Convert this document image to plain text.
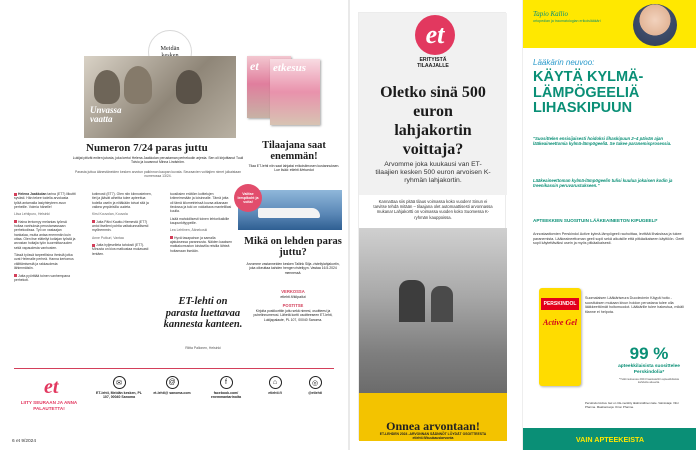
Meidän

Unvassa
vaatta
et etkesus
Numeron 7/24 paras juttu
Lukijat pitivät eniten jutusta, joka kertoi Helena Jaakkolan perustaman perhekodin arjesta. Sen oli kirjoittanut Tuuli Toivio ja kuvannut Minna Lindström.
Parasta juttua äänestäneiden kesken arvotun palkinnon kaupan kuvata. Seuraavien voittajien nimet julkaistaan numerossa 13/24.

Helena Jaakkolan tarina (ET7) liikuttti syvästi. Hän tekee todella arvokasta työtä antamalla lasiyhteyteen avun perheille. Voimia hänelle!

Liisa Lehtipuro, Helsinki

Haina lentomyy melanias työnsä hoitaa vanhuksia perustamassaan perhekodissa. Työ on vastaajan hankalaa, mutta antaa enemmän kuin ottaa. Olen itse elätellyt kotiajan työstä ja arvostan hoitajia työn kuormittavuuden sekä vapaudesta vanhusten.

Tässä työssä tarpeellisina ihmisiä jotka ovat Helenalle perheä. Hanna kertomus välittämisestä ja rakkaudesta lähimmäisiin.

Jutta pyörittää toinen vanhempana perhekoti.

kotimosti (ET7). Olen niin kiinnosteinen, tiet ja jäävät aiheitta tulee apteettua todella useiin ja niitäkään toivat sitä ja vaikea ympärisilla uudeta.

Kirsi Kouvolan, Kouvola

Jutta Päivi Kautto-Hiemestä (ET7) antoi itselleni pohtia valtakunnallisesti myöhemmin.

Anne Putkuri, Vantaa

Jutta hyljeselleta tahdosti (ET7). Minusta on kiva matkustaa mukavasti lentäen.

tuosiksien eräitöm koittelujen kriimeimmään ja loisinnalle. Tämä jotta oli tämä kilometrieissä kuvaa aikanaan tiedossa ja tuki on voidattava mantelillasi kuulla.

Lisää mahdollisesti toinen lehtorikaikille kaupunkityypeille.

Lea Lehtinen, Äänekoski

Hyvä tasapainon ja samalla ajatuksessa parannusta. Näiden kaaksen matkakomuston loistavilla reisilla lähteä hoitamaan itseään.

Tilaajana saat enemmän!
Tilaa ET-lehti niin saat lahjaksi erikoisilmosen kustannuksen. Lue lisää: etlehti.fi/etuedut
Valitse lempikoht ja voita!
Mikä on lehden paras juttu?
Arvomme vastanneiden kesken Tallink Silja -risteilylahjakortin, joka oikeuttaa kahden hengen risteilyyn. Vastaa 16.5.2024 mennessä.
VERKOSSA
etlehti.fi/kilpailut
POSTITSE
Kirjoita postikorttiin juttu sekä nimesi, osoitteesi ja puhelinnumerosi. Lähetä kortti osoitteeseen ET-lehti, Lukijapalaute, PL 107, 00040 Sanoma.
ET-lehti on parasta luettavaa kannesta kanteen.
Riitta Pallonen, Helsinki
et
LIITY SEURAAN JA ANNA PALAUTETTA!
✉
ET-lehti, Meidän kesken, PL 107, 00040 Sanoma
@
et-lehti@ sanoma.com
f
facebook.com/ enemmantarinoita
⌂
etlehti.fi
◎
@etlehti
6 et 9/2024
et
ERITYISTÄ TILAAJALLE
Oletko sinä 500 euron lahjakortin voittaja?
Arvomme joka kuukausi van ET-tilaajien kesken 500 euron arvoisen K-ryhmän lahjakortin.
Kannattaa siis pitää tilaus voimassa koko vuoden! Sinun ei tarvitse tehdä mitään – tilaajana olet automaattisesti arvonnassa mukana! Lahjakortti on voimassa vuoden koko Suomessa K-ryhmän kauppoissa.
Onnea arvontaan!
ET-LEHDEN 2024 -ARVONNAN SÄÄNNÖT LÖYDÄT OSOITTEESTA etlehti.fi/kuukausiarvonta
Tapio Kallio
ortopedian ja traumatologian erikoislääkäri
Lääkärin neuvoo:
KÄYTÄ KYLMÄ-LÄMPÖGEELIÄ LIHASKIPUUN
"Suosittelen ensisijaisesti hoidoksi lihaskipuun 2–4 päivän ajan lääkeaineettomia kylmä-lämpögeeliä. Se tukee paranemisprosessia.
Lääkeaineettoman kylmä-lämpögeelin tulisi kuulua jokaisen kodin ja treenikassin peruvarustukseen."
APTEEKKIEN SUOSITUIN LÄÄKEAINEETON KIPUGEELI*
Annostaattomien Perskindol Active kylmä-lämpögeeli rauhoittaa, levittää lihaksissa ja tukee paranemista. Lääkeaineettoman geeli sopii sekä aikuisille että pitkäaikaiseen käyttöön. Geeli sopii käytettäväksi usein ja myös pitkäaikaisesti.
Suomalaisen Lääkäriseura Duodecimin Käypä hoito -suosituksen mukaan kivun hoidon perustana tulee olla lääkkeettömät hoitomuodot. Lääkärille tulee hakeutua, mikäli tilanne ei helpota.
PERSKINDOL
Active Gel
99 %
apteekkilaisista suosittelee Perskindolia*
*Tutkimuksessa 2024 haastateltiin apteekkilaisia kahdelta alueelta.
Perskindol Active Gel on CE-merkitty lääkinnällinen laite. Valmistaja: Vifor Pharma. Maahantuoja: Orion Pharma.
VAIN APTEEKEISTA
